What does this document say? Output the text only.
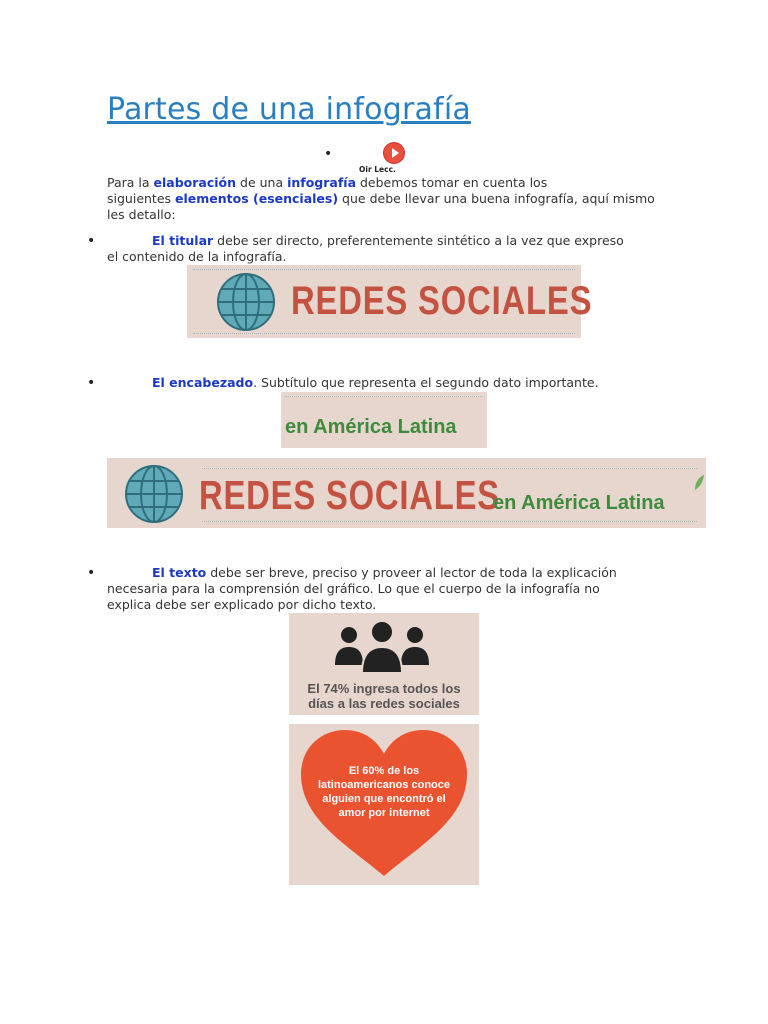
Partes de una infografía
•
Oir Lecc.
Para la elaboración de una infografía debemos tomar en cuenta los
siguientes elementos (esenciales) que debe llevar una buena infografía, aquí mismo
les detallo:
•	El titular debe ser directo, preferentemente sintético a la vez que expreso
el contenido de la infografía.
REDES SOCIALES
•	El encabezado. Subtítulo que representa el segundo dato importante.
en América Latina
REDES SOCIALES
en América Latina
•	El texto debe ser breve, preciso y proveer al lector de toda la explicación
necesaria para la comprensión del gráfico. Lo que el cuerpo de la infografía no
explica debe ser explicado por dicho texto.
El 74% ingresa todos los
días a las redes sociales
El 60% de los
latinoamericanos conoce
alguien que encontró el
amor por internet
